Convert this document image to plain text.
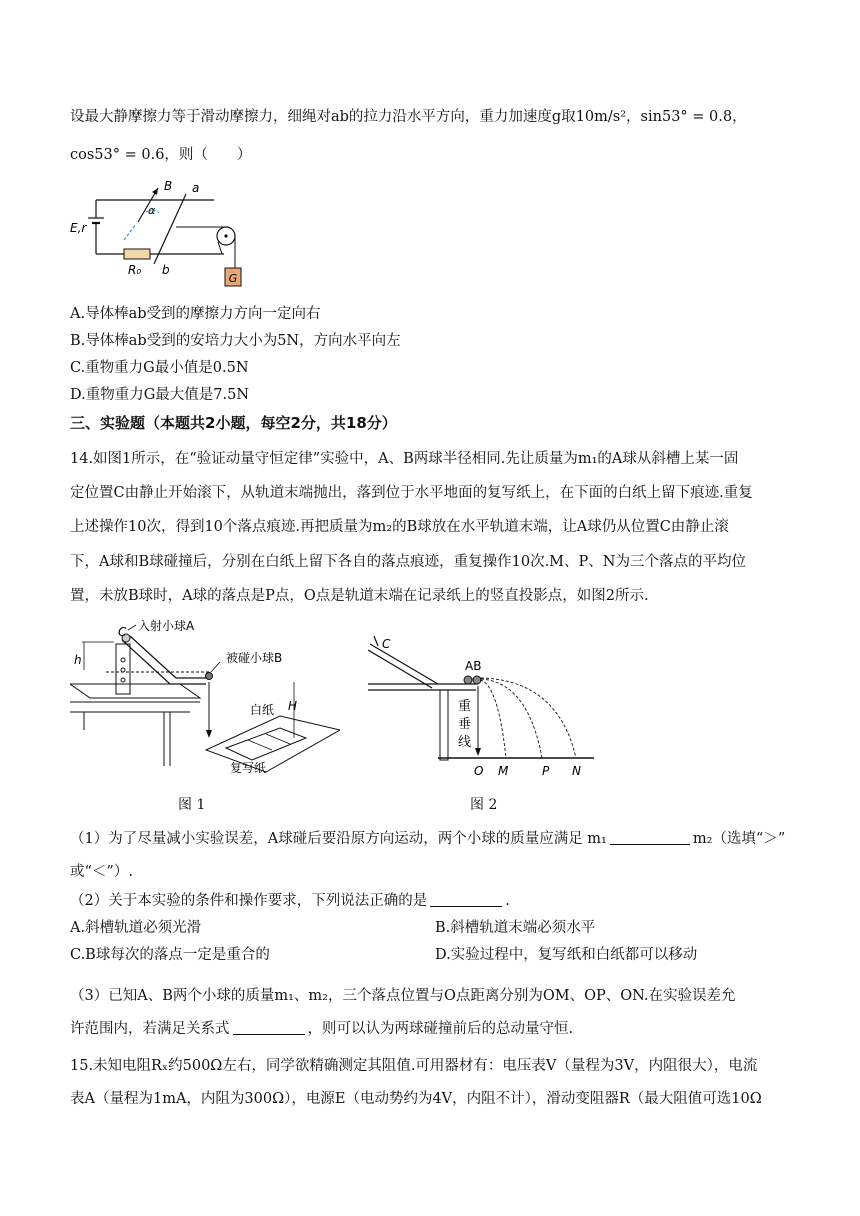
设最大静摩擦力等于滑动摩擦力，细绳对ab的拉力沿水平方向，重力加速度g取10m/s²，sin53° = 0.8，
cos53° = 0.6，则（　　）
G
B a
α
E,r
R₀ b
A.导体棒ab受到的摩擦力方向一定向右
B.导体棒ab受到的安培力大小为5N，方向水平向左
C.重物重力G最小值是0.5N
D.重物重力G最大值是7.5N
三、实验题（本题共2小题，每空2分，共18分）
14.如图1所示，在“验证动量守恒定律”实验中，A、B两球半径相同.先让质量为m₁的A球从斜槽上某一固
定位置C由静止开始滚下，从轨道末端抛出，落到位于水平地面的复写纸上，在下面的白纸上留下痕迹.重复
上述操作10次，得到10个落点痕迹.再把质量为m₂的B球放在水平轨道末端，让A球仍从位置C由静止滚
下，A球和B球碰撞后，分别在白纸上留下各自的落点痕迹，重复操作10次.M、P、N为三个落点的平均位
置，未放B球时，A球的落点是P点，O点是轨道末端在记录纸上的竖直投影点，如图2所示.
h
H
C 入射小球A
被碰小球B
白纸
复写纸
图 1
C
AB
重
垂
线
O M	P N
图 2
（1）为了尽量减小实验误差，A球碰后要沿原方向运动，两个小球的质量应满足 m₁	m₂（选填“＞”
或“＜”）.
（2）关于本实验的条件和操作要求，下列说法正确的是	.
A.斜槽轨道必须光滑	B.斜槽轨道末端必须水平
C.B球每次的落点一定是重合的	D.实验过程中，复写纸和白纸都可以移动
（3）已知A、B两个小球的质量m₁、m₂，三个落点位置与O点距离分别为OM、OP、ON.在实验误差允
许范围内，若满足关系式	，则可以认为两球碰撞前后的总动量守恒.
15.未知电阻Rₓ约500Ω左右，同学欲精确测定其阻值.可用器材有：电压表V（量程为3V，内阻很大），电流
表A（量程为1mA，内阻为300Ω），电源E（电动势约为4V，内阻不计），滑动变阻器R（最大阻值可选10Ω
